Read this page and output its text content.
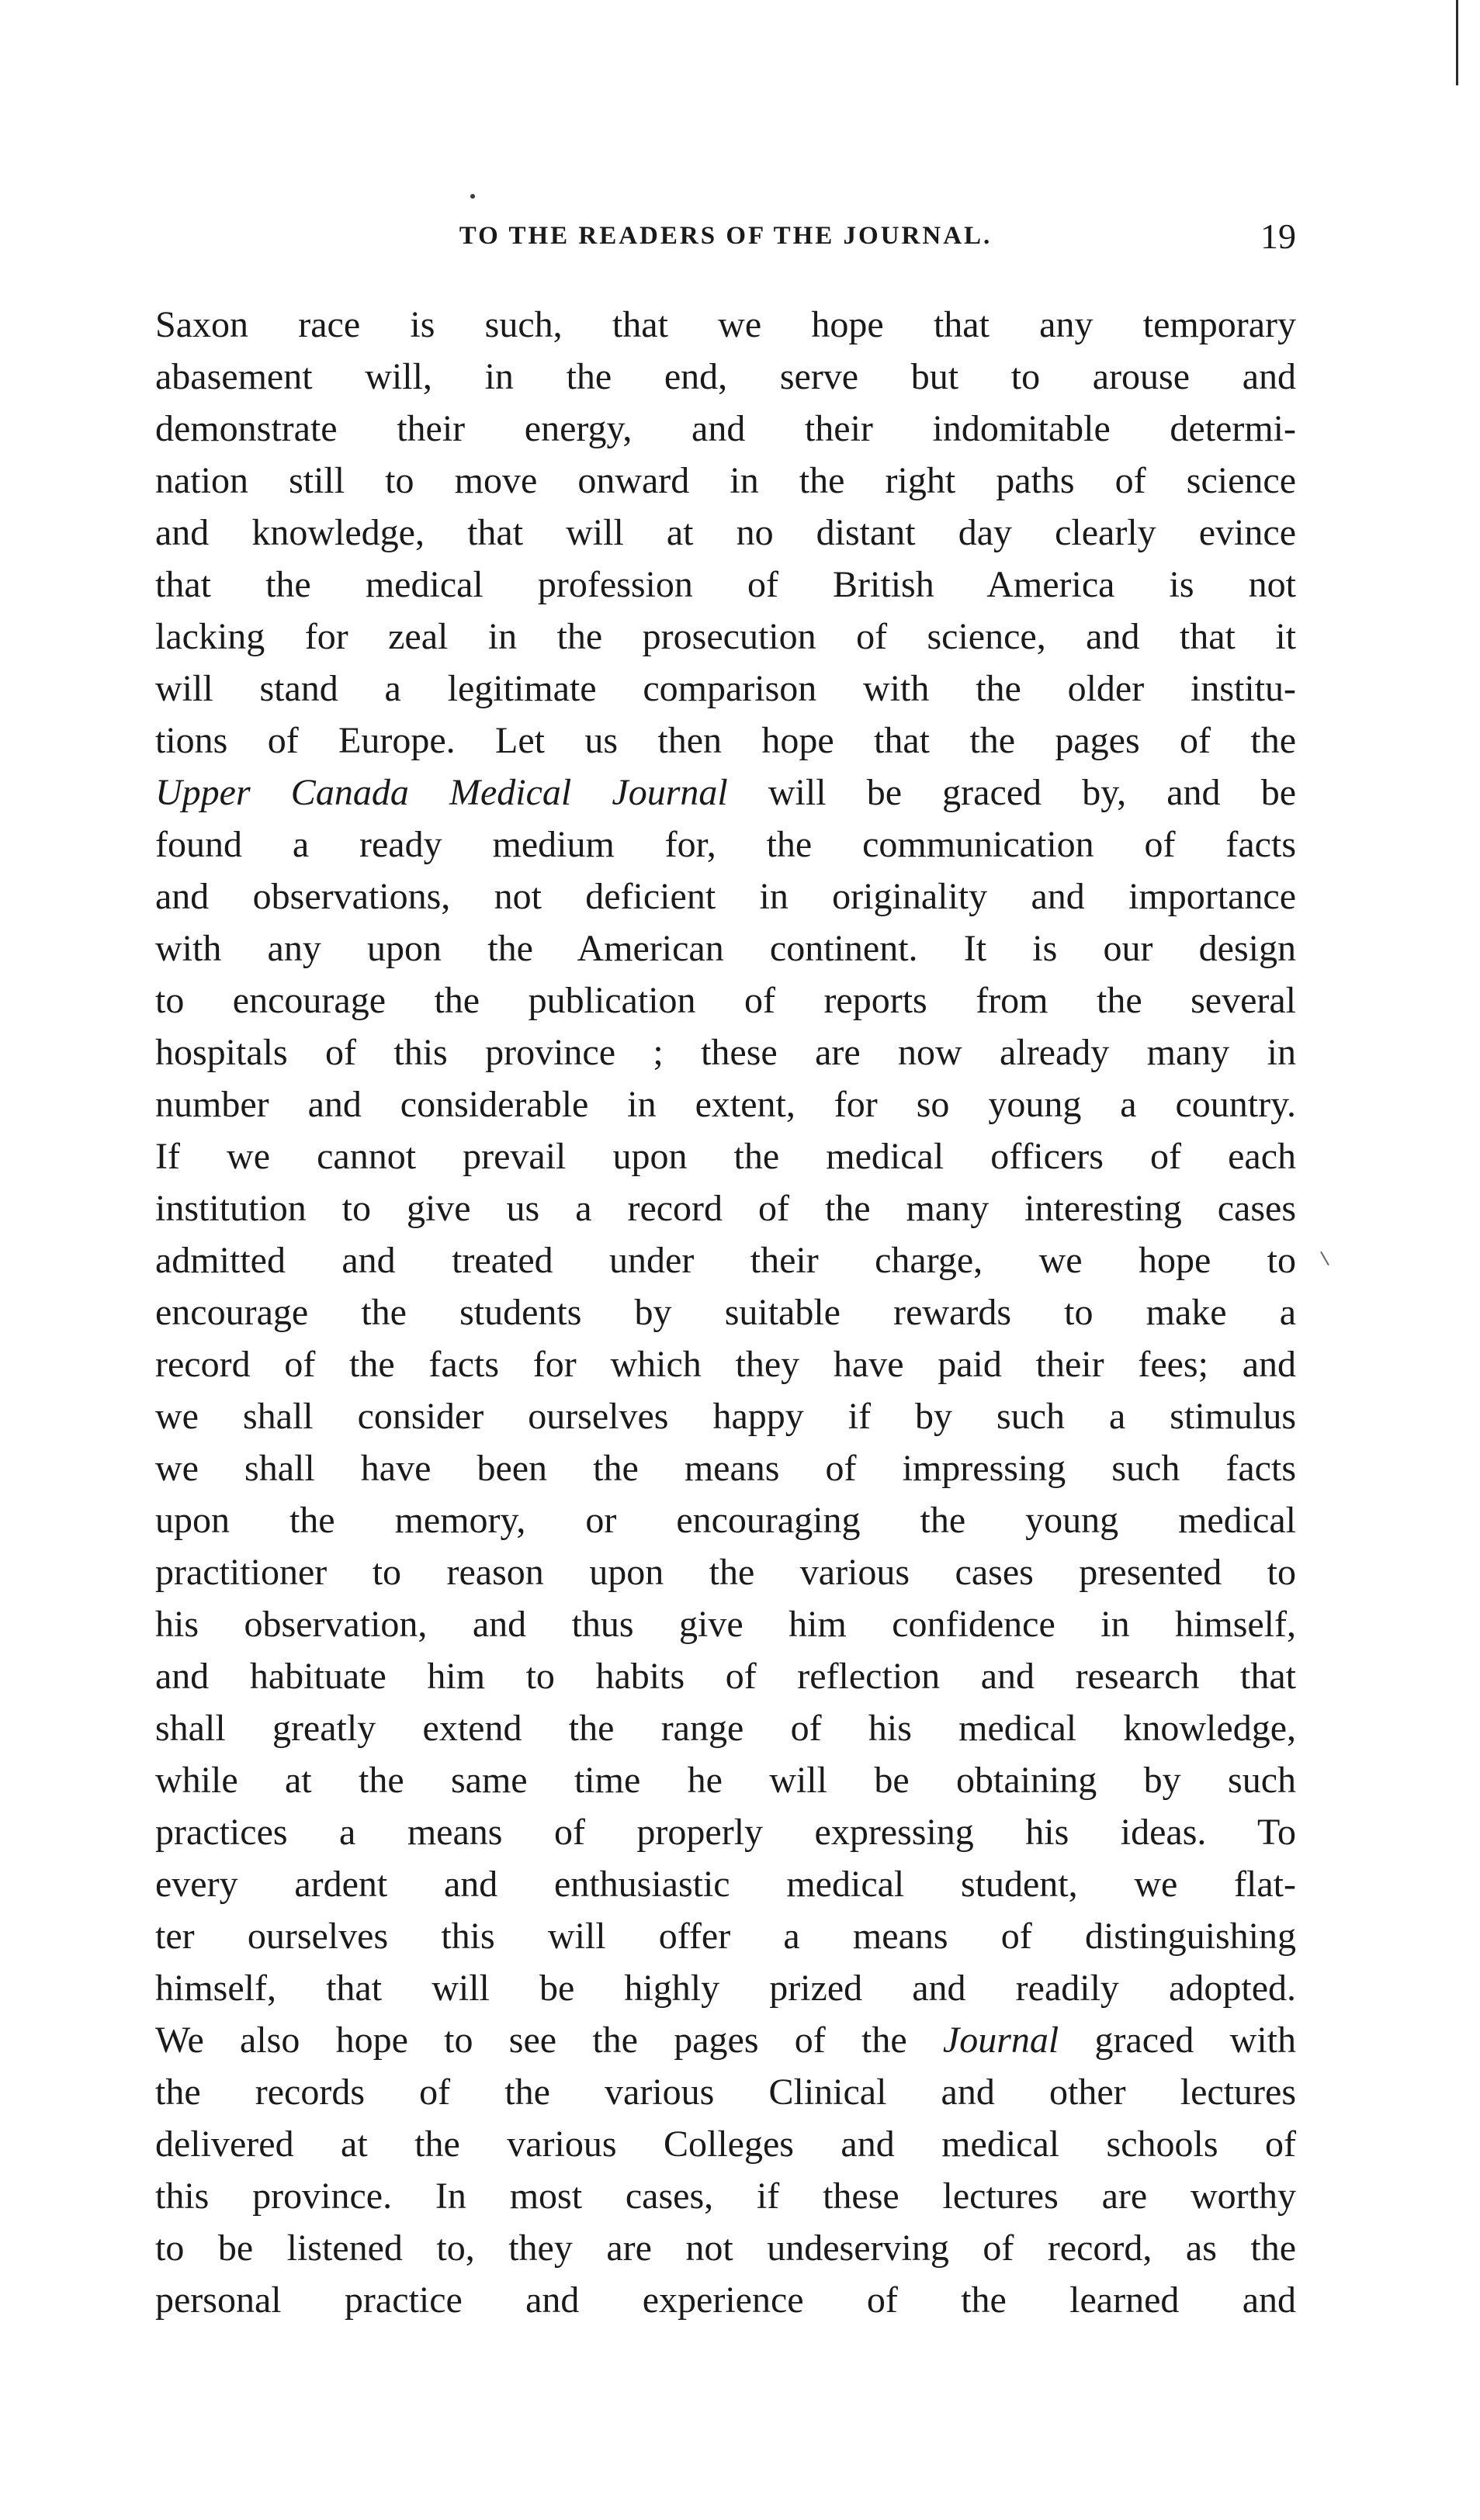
TO THE READERS OF THE JOURNAL.	19
Saxon race is such, that we hope that any temporary
abasement will, in the end, serve but to arouse and
demonstrate their energy, and their indomitable determi-
nation still to move onward in the right paths of science
and knowledge, that will at no distant day clearly evince
that the medical profession of British America is not
lacking for zeal in the prosecution of science, and that it
will stand a legitimate comparison with the older institu-
tions of Europe. Let us then hope that the pages of the
Upper Canada Medical Journal will be graced by, and be
found a ready medium for, the communication of facts
and observations, not deficient in originality and importance
with any upon the American continent. It is our design
to encourage the publication of reports from the several
hospitals of this province ; these are now already many in
number and considerable in extent, for so young a country.
If we cannot prevail upon the medical officers of each
institution to give us a record of the many interesting cases
admitted and treated under their charge, we hope to
encourage the students by suitable rewards to make a
record of the facts for which they have paid their fees; and
we shall consider ourselves happy if by such a stimulus
we shall have been the means of impressing such facts
upon the memory, or encouraging the young medical
practitioner to reason upon the various cases presented to
his observation, and thus give him confidence in himself,
and habituate him to habits of reflection and research that
shall greatly extend the range of his medical knowledge,
while at the same time he will be obtaining by such
practices a means of properly expressing his ideas. To
every ardent and enthusiastic medical student, we flat-
ter ourselves this will offer a means of distinguishing
himself, that will be highly prized and readily adopted.
We also hope to see the pages of the Journal graced with
the records of the various Clinical and other lectures
delivered at the various Colleges and medical schools of
this province. In most cases, if these lectures are worthy
to be listened to, they are not undeserving of record, as the
personal practice and experience of the learned and
